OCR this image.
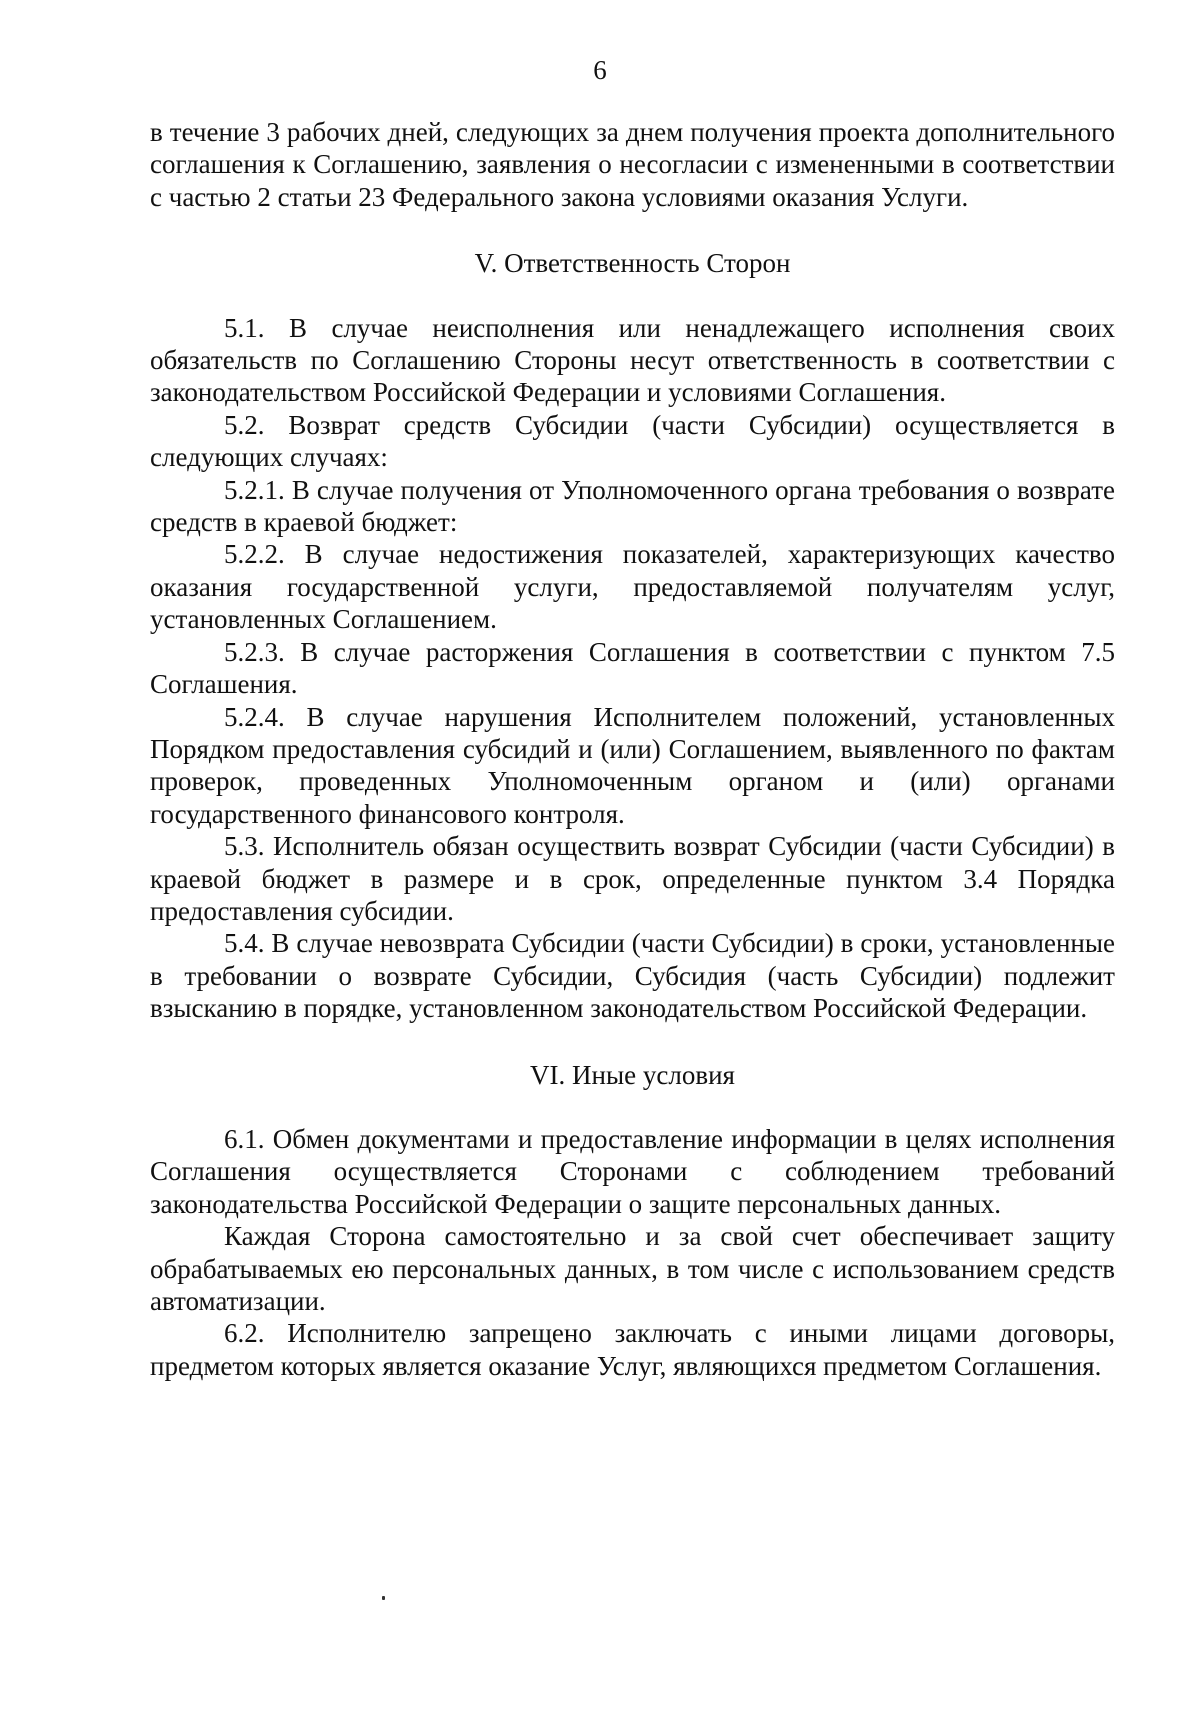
6

в течение 3 рабочих дней, следующих за днем получения проекта дополнительного соглашения к Соглашению, заявления о несогласии с измененными в соответствии с частью 2 статьи 23 Федерального закона условиями оказания Услуги.

V. Ответственность Сторон

5.1. В случае неисполнения или ненадлежащего исполнения своих обязательств по Соглашению Стороны несут ответственность в соответствии с законодательством Российской Федерации и условиями Соглашения.

5.2. Возврат средств Субсидии (части Субсидии) осуществляется в следующих случаях:

5.2.1. В случае получения от Уполномоченного органа требования о возврате средств в краевой бюджет:

5.2.2. В случае недостижения показателей, характеризующих качество оказания государственной услуги, предоставляемой получателям услуг, установленных Соглашением.

5.2.3. В случае расторжения Соглашения в соответствии с пунктом 7.5 Соглашения.

5.2.4. В случае нарушения Исполнителем положений, установленных Порядком предоставления субсидий и (или) Соглашением, выявленного по фактам проверок, проведенных Уполномоченным органом и (или) органами государственного финансового контроля.

5.3. Исполнитель обязан осуществить возврат Субсидии (части Субсидии) в краевой бюджет в размере и в срок, определенные пунктом 3.4 Порядка предоставления субсидии.

5.4. В случае невозврата Субсидии (части Субсидии) в сроки, установленные в требовании о возврате Субсидии, Субсидия (часть Субсидии) подлежит взысканию в порядке, установленном законодательством Российской Федерации.

VI. Иные условия

6.1. Обмен документами и предоставление информации в целях исполнения Соглашения осуществляется Сторонами с соблюдением требований законодательства Российской Федерации о защите персональных данных.

Каждая Сторона самостоятельно и за свой счет обеспечивает защиту обрабатываемых ею персональных данных, в том числе с использованием средств автоматизации.

6.2. Исполнителю запрещено заключать с иными лицами договоры, предметом которых является оказание Услуг, являющихся предметом Соглашения.
